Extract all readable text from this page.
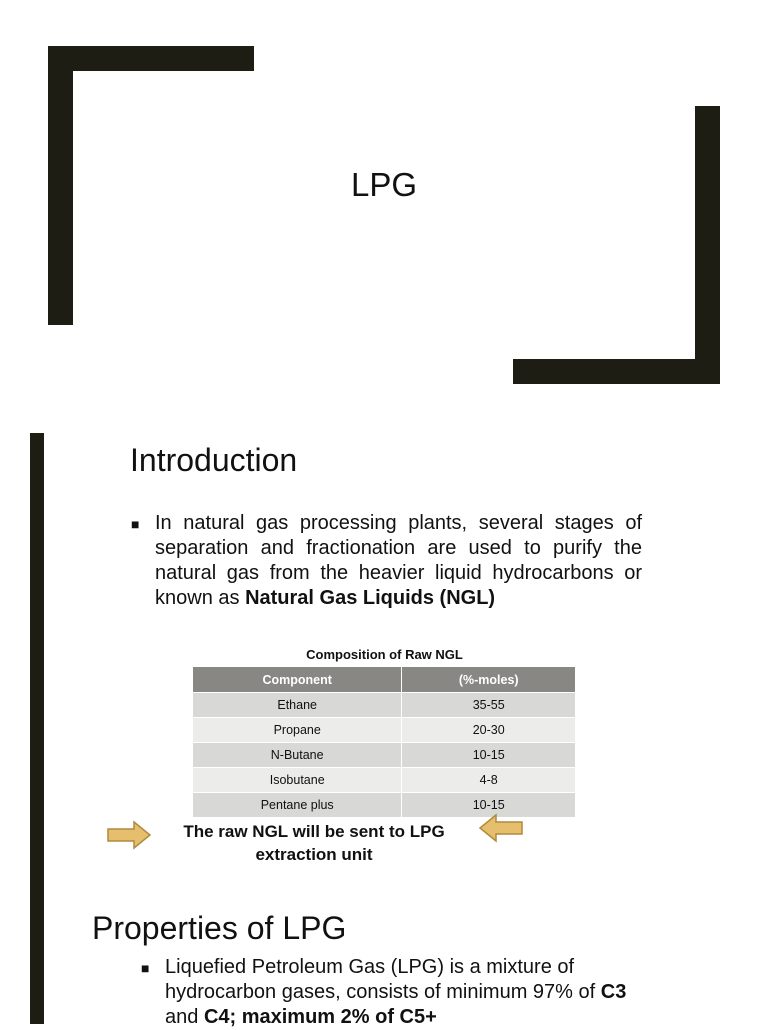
LPG
Introduction
■ In natural gas processing plants, several stages of separation and fractionation are used to purify the natural gas from the heavier liquid hydrocarbons or known as Natural Gas Liquids (NGL)
Composition of Raw NGL
Component	(%-moles)
Ethane	35-55
Propane	20-30
N-Butane	10-15
Isobutane	4-8
Pentane plus	10-15
The raw NGL will be sent to LPG extraction unit
Properties of LPG
■ Liquefied Petroleum Gas (LPG) is a mixture of hydrocarbon gases, consists of minimum 97% of C3 and C4; maximum 2% of C5+
